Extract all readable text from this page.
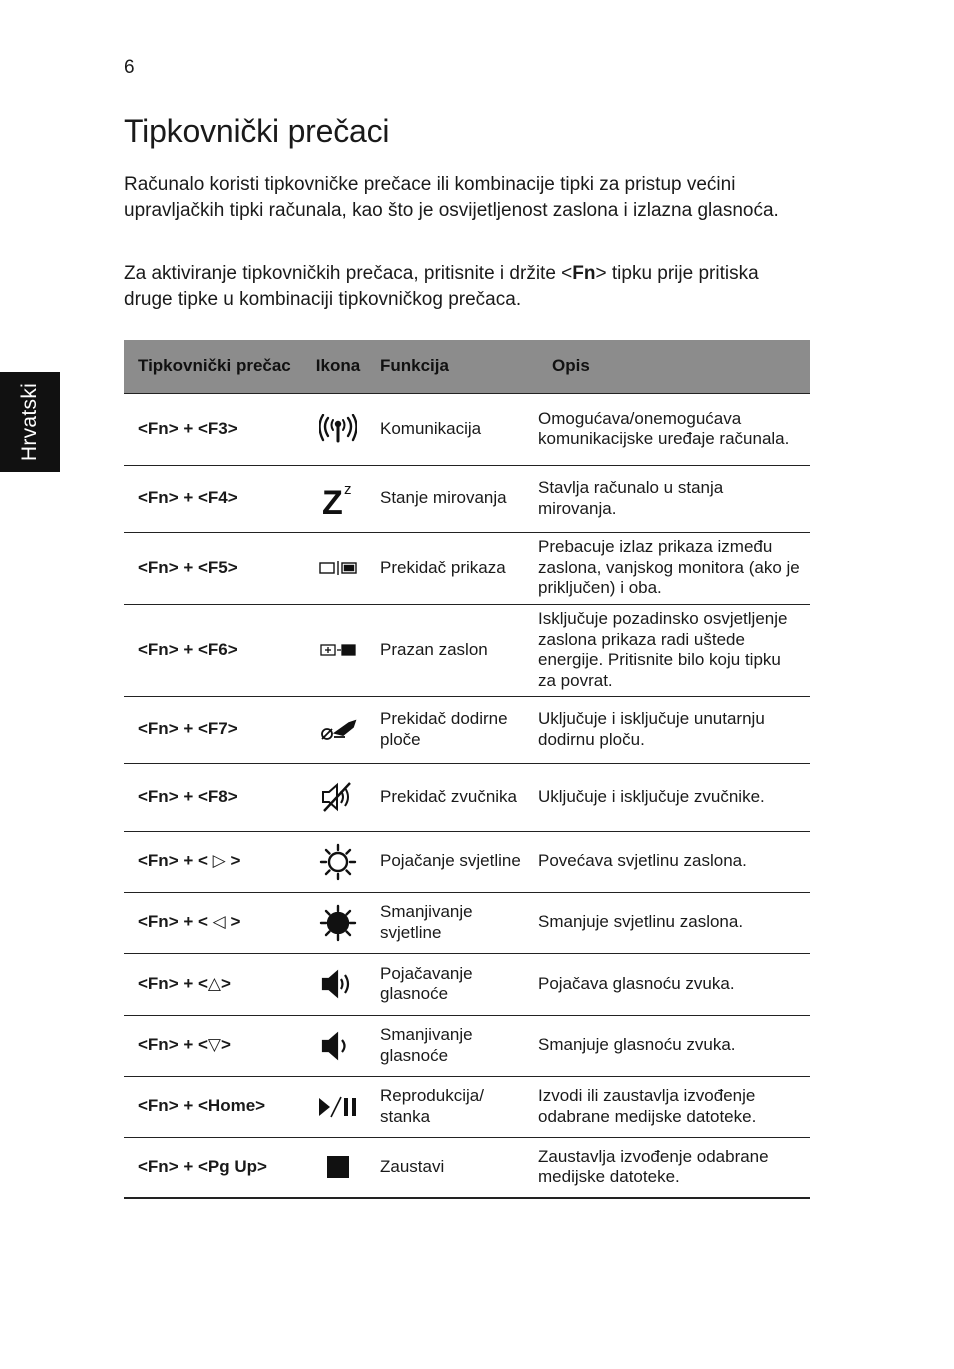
6
Hrvatski
Tipkovnički prečaci

Računalo koristi tipkovničke prečace ili kombinacije tipki za pristup većini upravljačkih tipki računala, kao što je osvijetljenost zaslona i izlazna glasnoća.

Za aktiviranje tipkovničkih prečaca, pritisnite i držite <Fn> tipku prije pritiska druge tipke u kombinaciji tipkovničkog prečaca.

Tipkovnički prečac	Ikona	Funkcija	Opis
<Fn> + <F3>		Komunikacija	Omogućava/onemogućava komunikacijske uređaje računala.
<Fn> + <F4>	Z z	Stanje mirovanja	Stavlja računalo u stanja mirovanja.
<Fn> + <F5>		Prekidač prikaza	Prebacuje izlaz prikaza između zaslona, vanjskog monitora (ako je priključen) i oba.
<Fn> + <F6>		Prazan zaslon	Isključuje pozadinsko osvjetljenje zaslona prikaza radi uštede energije. Pritisnite bilo koju tipku za povrat.
<Fn> + <F7>		Prekidač dodirne ploče	Uključuje i isključuje unutarnju dodirnu ploču.
<Fn> + <F8>		Prekidač zvučnika	Uključuje i isključuje zvučnike.
<Fn> + < ▷ >		Pojačanje svjetline	Povećava svjetlinu zaslona.
<Fn> + < ◁ >		Smanjivanje svjetline	Smanjuje svjetlinu zaslona.
<Fn> + <△>		Pojačavanje glasnoće	Pojačava glasnoću zvuka.
<Fn> + <▽>		Smanjivanje glasnoće	Smanjuje glasnoću zvuka.
<Fn> + <Home>		Reprodukcija/ stanka	Izvodi ili zaustavlja izvođenje odabrane medijske datoteke.
<Fn> + <Pg Up>		Zaustavi	Zaustavlja izvođenje odabrane medijske datoteke.
